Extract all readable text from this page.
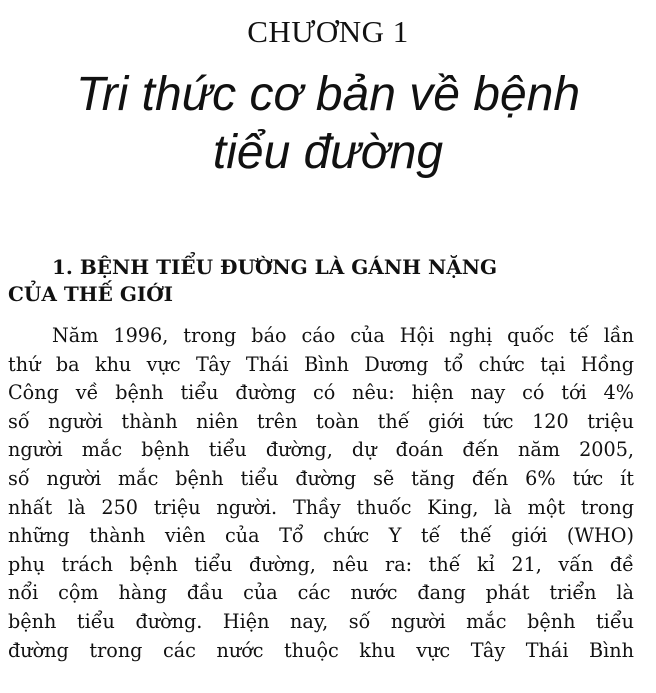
CHƯƠNG 1
Tri thức cơ bản về bệnh
tiểu đường
1. BỆNH TIỂU ĐƯỜNG LÀ GÁNH NẶNG
CỦA THẾ GIỚI
Năm 1996, trong báo cáo của Hội nghị quốc tế lần
thứ ba khu vực Tây Thái Bình Dương tổ chức tại Hồng
Công về bệnh tiểu đường có nêu: hiện nay có tới 4%
số người thành niên trên toàn thế giới tức 120 triệu
người mắc bệnh tiểu đường, dự đoán đến năm 2005,
số người mắc bệnh tiểu đường sẽ tăng đến 6% tức ít
nhất là 250 triệu người. Thầy thuốc King, là một trong
những thành viên của Tổ chức Y tế thế giới (WHO)
phụ trách bệnh tiểu đường, nêu ra: thế kỉ 21, vấn đề
nổi cộm hàng đầu của các nước đang phát triển là
bệnh tiểu đường. Hiện nay, số người mắc bệnh tiểu
đường trong các nước thuộc khu vực Tây Thái Bình
